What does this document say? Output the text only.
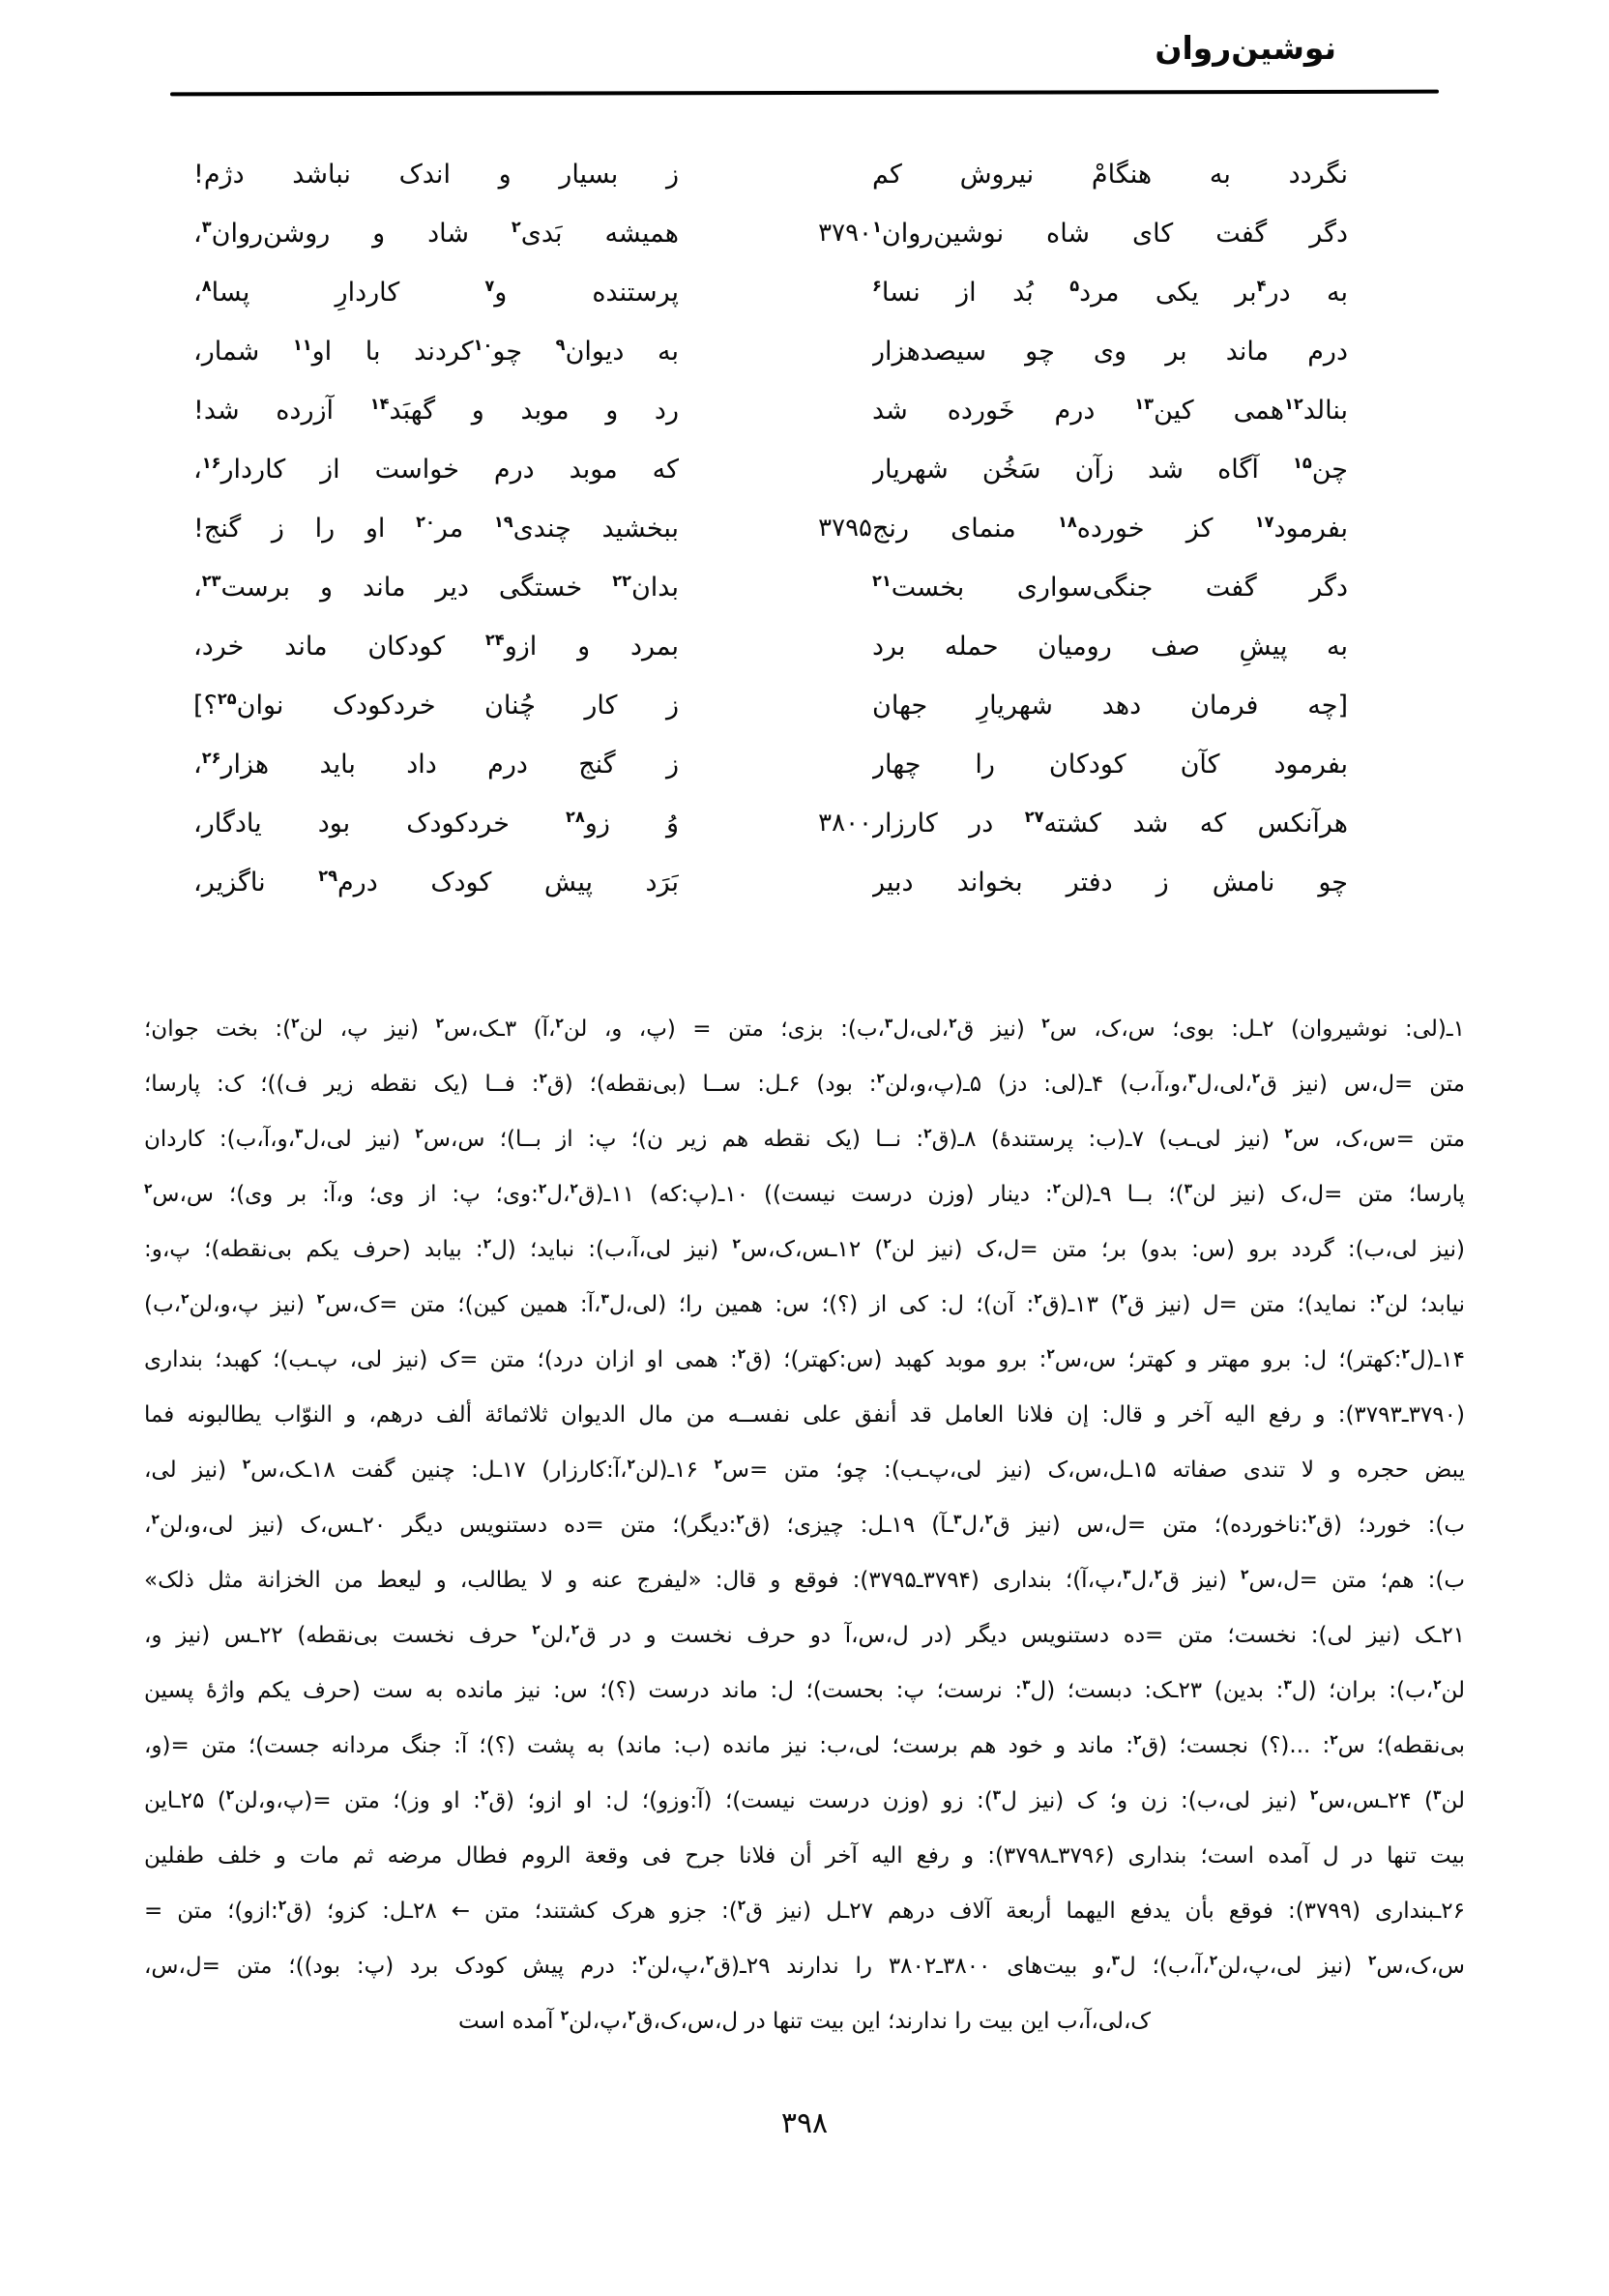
نوشین‌روان
نگردد به هنگامْ نیروش کم
ز بسیار و اندک نباشد دژم!
دگر گفت کای شاه نوشین‌روان$^۱$
۳۷۹۰
همیشه بَدی$^۲$ شاد و روشن‌روان$^۳$،
به در$^۴$بر یکی مرد$^۵$ بُد از نسا$^۶$
پرستنده و$^۷$ کاردارِ پسا$^۸$،
درم ماند بر وی چو سیصدهزار
به دیوان$^۹$ چو$^{۱۰}$کردند با او$^{۱۱}$ شمار،
بنالد$^{۱۲}$همی کین$^{۱۳}$ درم خَورده شد
رد و موبد و گهبَد$^{۱۴}$ آزرده شد!
چن$^{۱۵}$ آگاه شد زآن سَخُن شهریار
که موبد درم خواست از کاردار$^{۱۶}$،
بفرمود$^{۱۷}$ کز خورده$^{۱۸}$ منمای رنج
۳۷۹۵
ببخشید چندی$^{۱۹}$ مر$^{۲۰}$ او را ز گنج!
دگر گفت جنگی‌سواری بخست$^{۲۱}$
بدان$^{۲۲}$ خستگی دیر ماند و برست$^{۲۳}$،
به پیشِ صف رومیان حمله برد
بمرد و ازو$^{۲۴}$ کودکان ماند خرد،
[چه فرمان دهد شهریارِ جهان
ز کار چُنان خردکودک نوان$^{۲۵}$؟]
بفرمود کآن کودکان را چهار
ز گنج درم داد باید هزار$^{۲۶}$،
هرآنکس که شد کشته$^{۲۷}$ در کارزار
۳۸۰۰
وُ زو$^{۲۸}$ خردکودک بود یادگار،
چو نامش ز دفتر بخواند دبیر
بَرَد پیش کودک درم$^{۲۹}$ ناگزیر،
۱ـ(لی: نوشیروان) ۲ـل: بوی؛ س،ک، س$^۲$ (نیز ق$^۲$،لی،ل$^۳$،ب): بزی؛ متن = (پ، و، لن$^۲$،آ) ۳ـک،س$^۲$ (نیز پ، لن$^۲$): بخت جوان؛
متن =ل،س (نیز ق$^۲$،لی،ل$^۳$،و،آ،ب) ۴ـ(لی: دز) ۵ـ(پ،و،لن$^۲$: بود) ۶ـل: ســا (بی‌نقطه)؛ (ق$^۲$: فــا (یک نقطه زیر ف))؛ ک: پارسا؛
متن =س،ک، س$^۲$ (نیز لی‌ـب) ۷ـ(ب: پرستندهٔ) ۸ـ(ق$^۲$: نــا (یک نقطه هم زیر ن)؛ پ: از بــا)؛ س،س$^۲$ (نیز لی،ل$^۳$،و،آ،ب): کاردان
پارسا؛ متن =ل،ک (نیز لن$^۳$)؛ بــا ۹ـ(لن$^۲$: دینار (وزن درست نیست)) ۱۰ـ(پ:که) ۱۱ـ(ق$^۲$،ل$^۲$:وی؛ پ: از وی؛ و،آ: بر وی)؛ س،س$^۲$
(نیز لی،ب): گردد برو (س: بدو) بر؛ متن =ل،ک (نیز لن$^۲$) ۱۲ـس،ک،س$^۲$ (نیز لی،آ،ب): نباید؛ (ل$^۲$: بیابد (حرف یکم بی‌نقطه)؛ پ،و:
نیابد؛ لن$^۲$: نماید)؛ متن =ل (نیز ق$^۲$) ۱۳ـ(ق$^۲$: آن)؛ ل: کی از (؟)؛ س: همین را؛ (لی،ل$^۳$،آ: همین کین)؛ متن =ک،س$^۲$ (نیز پ،و،لن$^۲$،ب)
۱۴ـ(ل$^۲$:کهتر)؛ ل: برو مهتر و کهتر؛ س،س$^۲$: برو موبد کهبد (س:کهتر)؛ (ق$^۲$: همی او ازان درد)؛ متن =ک (نیز لی، پ‌ـب)؛ کهبد؛ بنداری
(۳۷۹۰ـ۳۷۹۳): و رفع الیه آخر و قال: إن فلانا العامل قد أنفق علی نفســه من مال الدیوان ثلاثمائة ألف درهم، و النوّاب یطالبونه فما
یبض حجره و لا تندی صفاته ۱۵ـل،س،ک (نیز لی،پ‌ـب): چو؛ متن =س$^۲$ ۱۶ـ(لن$^۲$،آ:کارزار) ۱۷ـل: چنین گفت ۱۸ـک،س$^۲$ (نیز لی،
ب): خورد؛ (ق$^۲$:ناخورده)؛ متن =ل،س (نیز ق$^۲$،ل$^۳$ـآ) ۱۹ـل: چیزی؛ (ق$^۲$:دیگر)؛ متن =ده دستنویس دیگر ۲۰ـس،ک (نیز لی،و،لن$^۲$،
ب): هم؛ متن =ل،س$^۲$ (نیز ق$^۲$،ل$^۳$،پ،آ)؛ بنداری (۳۷۹۴ـ۳۷۹۵): فوقع و قال: «لیفرج عنه و لا یطالب، و لیعط من الخزانة مثل ذلک»
۲۱ـک (نیز لی): نخست؛ متن =ده دستنویس دیگر (در ل،س،آ دو حرف نخست و در ق$^۲$،لن$^۲$ حرف نخست بی‌نقطه) ۲۲ـس (نیز و،
لن$^۲$،ب): بران؛ (ل$^۳$: بدین) ۲۳ـک: دبست؛ (ل$^۳$: نرست؛ پ: بحست)؛ ل: ماند درست (؟)؛ س: نیز مانده به ست (حرف یکم واژهٔ پسین
بی‌نقطه)؛ س$^۲$: ...(؟) نجست؛ (ق$^۲$: ماند و خود هم برست؛ لی،ب: نیز مانده (ب: ماند) به پشت (؟)؛ آ: جنگ مردانه جست)؛ متن =(و،
لن$^۳$) ۲۴ـس،س$^۲$ (نیز لی،ب): زن و؛ ک (نیز ل$^۳$): زو (وزن درست نیست)؛ (آ:وزو)؛ ل: او ازو؛ (ق$^۲$: او وز)؛ متن =(پ،و،لن$^۲$) ۲۵ـاین
بیت تنها در ل آمده است؛ بنداری (۳۷۹۶ـ۳۷۹۸): و رفع الیه آخر أن فلانا جرح فی وقعة الروم فطال مرضه ثم مات و خلف طفلین
۲۶ـبنداری (۳۷۹۹): فوقع بأن یدفع الیهما أربعة آلاف درهم ۲۷ـل (نیز ق$^۲$): جزو هرک کشتند؛ متن ← ۲۸ـل: کزو؛ (ق$^۲$:ازو)؛ متن =
س،ک،س$^۲$ (نیز لی،پ،لن$^۲$،آ،ب)؛ ل$^۳$،و بیت‌های ۳۸۰۰ـ۳۸۰۲ را ندارند ۲۹ـ(ق$^۲$،پ،لن$^۲$: درم پیش کودک برد (پ: بود))؛ متن =ل،س،
ک،لی،آ،ب این بیت را ندارند؛ این بیت تنها در ل،س،ک،ق$^۲$،پ،لن$^۲$ آمده است
۳۹۸
